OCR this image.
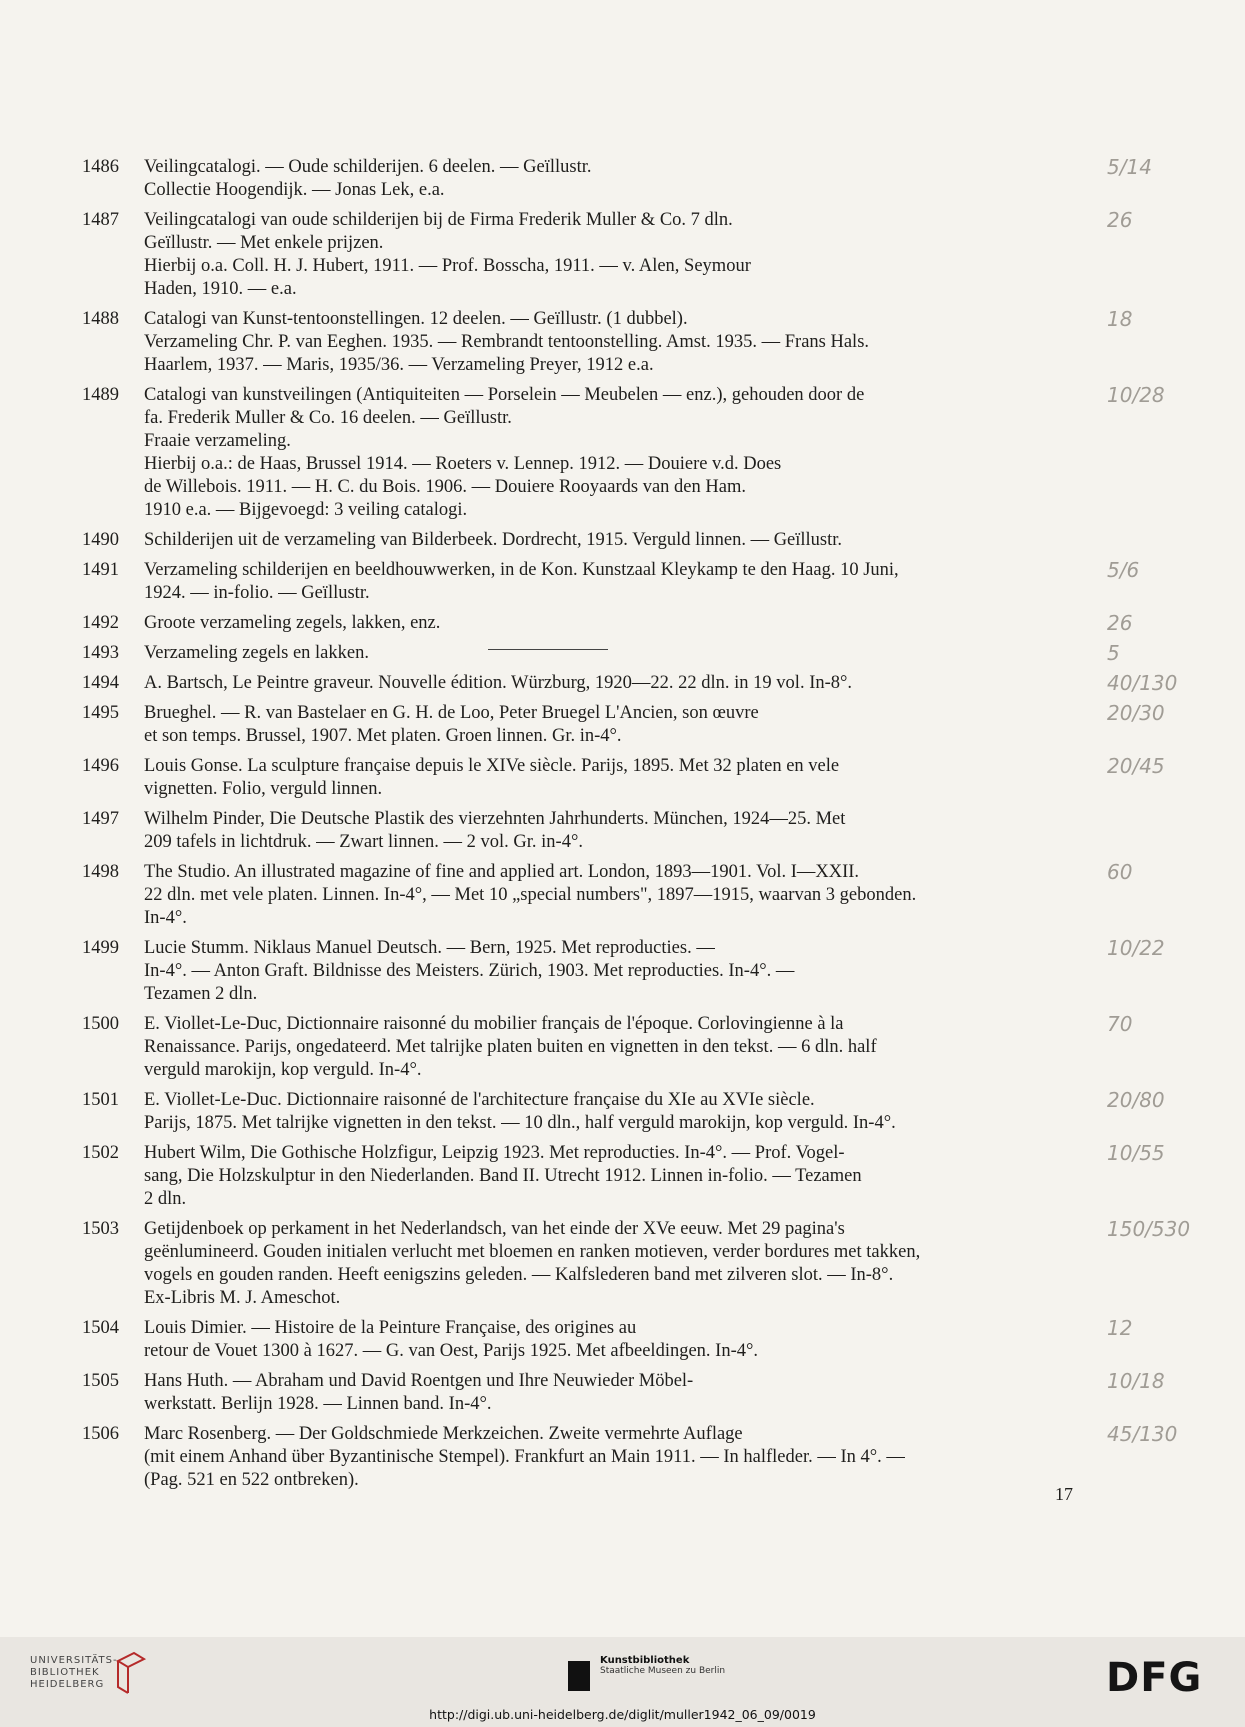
1486	Veilingcatalogi. — Oude schilderijen. 6 deelen. — Geïllustr.
Collectie Hoogendijk. — Jonas Lek, e.a.
5/14
1487	Veilingcatalogi van oude schilderijen bij de Firma Frederik Muller & Co. 7 dln.
Geïllustr. — Met enkele prijzen.
Hierbij o.a. Coll. H. J. Hubert, 1911. — Prof. Bosscha, 1911. — v. Alen, Seymour
Haden, 1910. — e.a.
26
1488	Catalogi van Kunst-tentoonstellingen. 12 deelen. — Geïllustr. (1 dubbel).
Verzameling Chr. P. van Eeghen. 1935. — Rembrandt tentoonstelling. Amst. 1935. — Frans Hals.
Haarlem, 1937. — Maris, 1935/36. — Verzameling Preyer, 1912 e.a.
18
1489	Catalogi van kunstveilingen (Antiquiteiten — Porselein — Meubelen — enz.), gehouden door de
fa. Frederik Muller & Co. 16 deelen. — Geïllustr.
Fraaie verzameling.
Hierbij o.a.: de Haas, Brussel 1914. — Roeters v. Lennep. 1912. — Douiere v.d. Does
de Willebois. 1911. — H. C. du Bois. 1906. — Douiere Rooyaards van den Ham.
1910 e.a. — Bijgevoegd: 3 veiling catalogi.
10/28
1490	Schilderijen uit de verzameling van Bilderbeek. Dordrecht, 1915. Verguld linnen. — Geïllustr.
1491	Verzameling schilderijen en beeldhouwwerken, in de Kon. Kunstzaal Kleykamp te den Haag. 10 Juni,
1924. — in-folio. — Geïllustr.
5/6
1492	Groote verzameling zegels, lakken, enz.	26
1493	Verzameling zegels en lakken.	5
1494	A. Bartsch, Le Peintre graveur. Nouvelle édition. Würzburg, 1920—22. 22 dln. in 19 vol. In-8°.	40/130
1495	Brueghel. — R. van Bastelaer en G. H. de Loo, Peter Bruegel L'Ancien, son œuvre
et son temps. Brussel, 1907. Met platen. Groen linnen. Gr. in-4°.
20/30
1496	Louis Gonse. La sculpture française depuis le XIVe siècle. Parijs, 1895. Met 32 platen en vele
vignetten. Folio, verguld linnen.
20/45
1497	Wilhelm Pinder, Die Deutsche Plastik des vierzehnten Jahrhunderts. München, 1924—25. Met
209 tafels in lichtdruk. — Zwart linnen. — 2 vol. Gr. in-4°.
1498	The Studio. An illustrated magazine of fine and applied art. London, 1893—1901. Vol. I—XXII.
22 dln. met vele platen. Linnen. In-4°, — Met 10 „special numbers", 1897—1915, waarvan 3 gebonden.
In-4°.
60
1499	Lucie Stumm. Niklaus Manuel Deutsch. — Bern, 1925. Met reproducties. —
In-4°. — Anton Graft. Bildnisse des Meisters. Zürich, 1903. Met reproducties. In-4°. —
Tezamen 2 dln.
10/22
1500	E. Viollet-Le-Duc, Dictionnaire raisonné du mobilier français de l'époque. Corlovingienne à la
Renaissance. Parijs, ongedateerd. Met talrijke platen buiten en vignetten in den tekst. — 6 dln. half
verguld marokijn, kop verguld. In-4°.
70
1501	E. Viollet-Le-Duc. Dictionnaire raisonné de l'architecture française du XIe au XVIe siècle.
Parijs, 1875. Met talrijke vignetten in den tekst. — 10 dln., half verguld marokijn, kop verguld. In-4°.
20/80
1502	Hubert Wilm, Die Gothische Holzfigur, Leipzig 1923. Met reproducties. In-4°. — Prof. Vogel-
sang, Die Holzskulptur in den Niederlanden. Band II. Utrecht 1912. Linnen in-folio. — Tezamen
2 dln.
10/55
1503	Getijdenboek op perkament in het Nederlandsch, van het einde der XVe eeuw. Met 29 pagina's
geënlumineerd. Gouden initialen verlucht met bloemen en ranken motieven, verder bordures met takken,
vogels en gouden randen. Heeft eenigszins geleden. — Kalfslederen band met zilveren slot. — In-8°.
Ex-Libris M. J. Ameschot.
150/530
1504	Louis Dimier. — Histoire de la Peinture Française, des origines au
retour de Vouet 1300 à 1627. — G. van Oest, Parijs 1925. Met afbeeldingen. In-4°.
12
1505	Hans Huth. — Abraham und David Roentgen und Ihre Neuwieder Möbel-
werkstatt. Berlijn 1928. — Linnen band. In-4°.
10/18
1506	Marc Rosenberg. — Der Goldschmiede Merkzeichen. Zweite vermehrte Auflage
(mit einem Anhand über Byzantinische Stempel). Frankfurt an Main 1911. — In halfleder. — In 4°. —
(Pag. 521 en 522 ontbreken).
45/130
17
UNIVERSITÄTS-
BIBLIOTHEK
HEIDELBERG
Kunstbibliothek
Staatliche Museen zu Berlin	DFG
http://digi.ub.uni-heidelberg.de/diglit/muller1942_06_09/0019
